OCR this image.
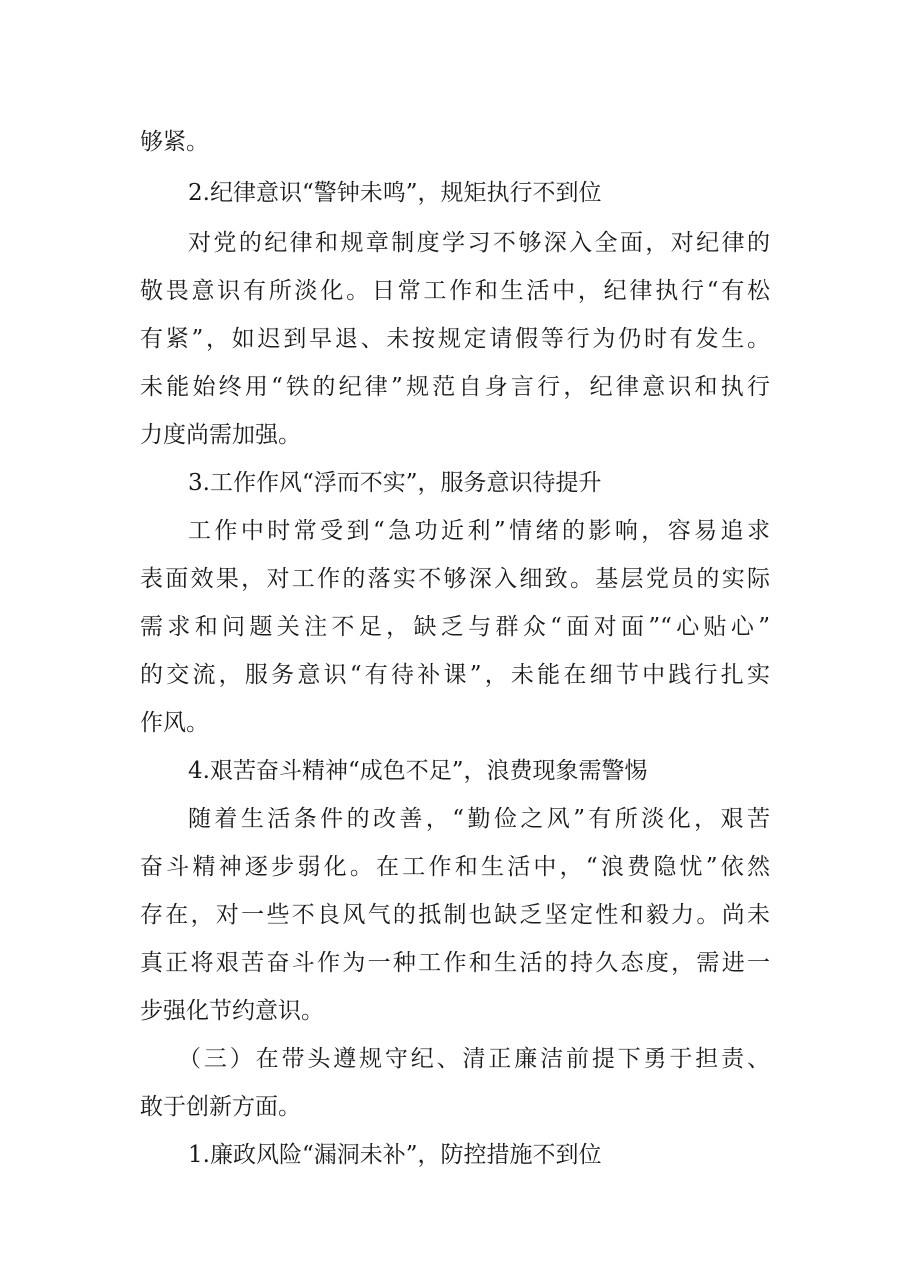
够紧。
2.纪律意识“警钟未鸣”，规矩执行不到位
对党的纪律和规章制度学习不够深入全面，对纪律的
敬畏意识有所淡化。日常工作和生活中，纪律执行“有松
有紧”，如迟到早退、未按规定请假等行为仍时有发生。
未能始终用“铁的纪律”规范自身言行，纪律意识和执行
力度尚需加强。
3.工作作风“浮而不实”，服务意识待提升
工作中时常受到“急功近利”情绪的影响，容易追求
表面效果，对工作的落实不够深入细致。基层党员的实际
需求和问题关注不足，缺乏与群众“面对面”“心贴心”
的交流，服务意识“有待补课”，未能在细节中践行扎实
作风。
4.艰苦奋斗精神“成色不足”，浪费现象需警惕
随着生活条件的改善，“勤俭之风”有所淡化，艰苦
奋斗精神逐步弱化。在工作和生活中，“浪费隐忧”依然
存在，对一些不良风气的抵制也缺乏坚定性和毅力。尚未
真正将艰苦奋斗作为一种工作和生活的持久态度，需进一
步强化节约意识。
（三）在带头遵规守纪、清正廉洁前提下勇于担责、
敢于创新方面。
1.廉政风险“漏洞未补”，防控措施不到位
